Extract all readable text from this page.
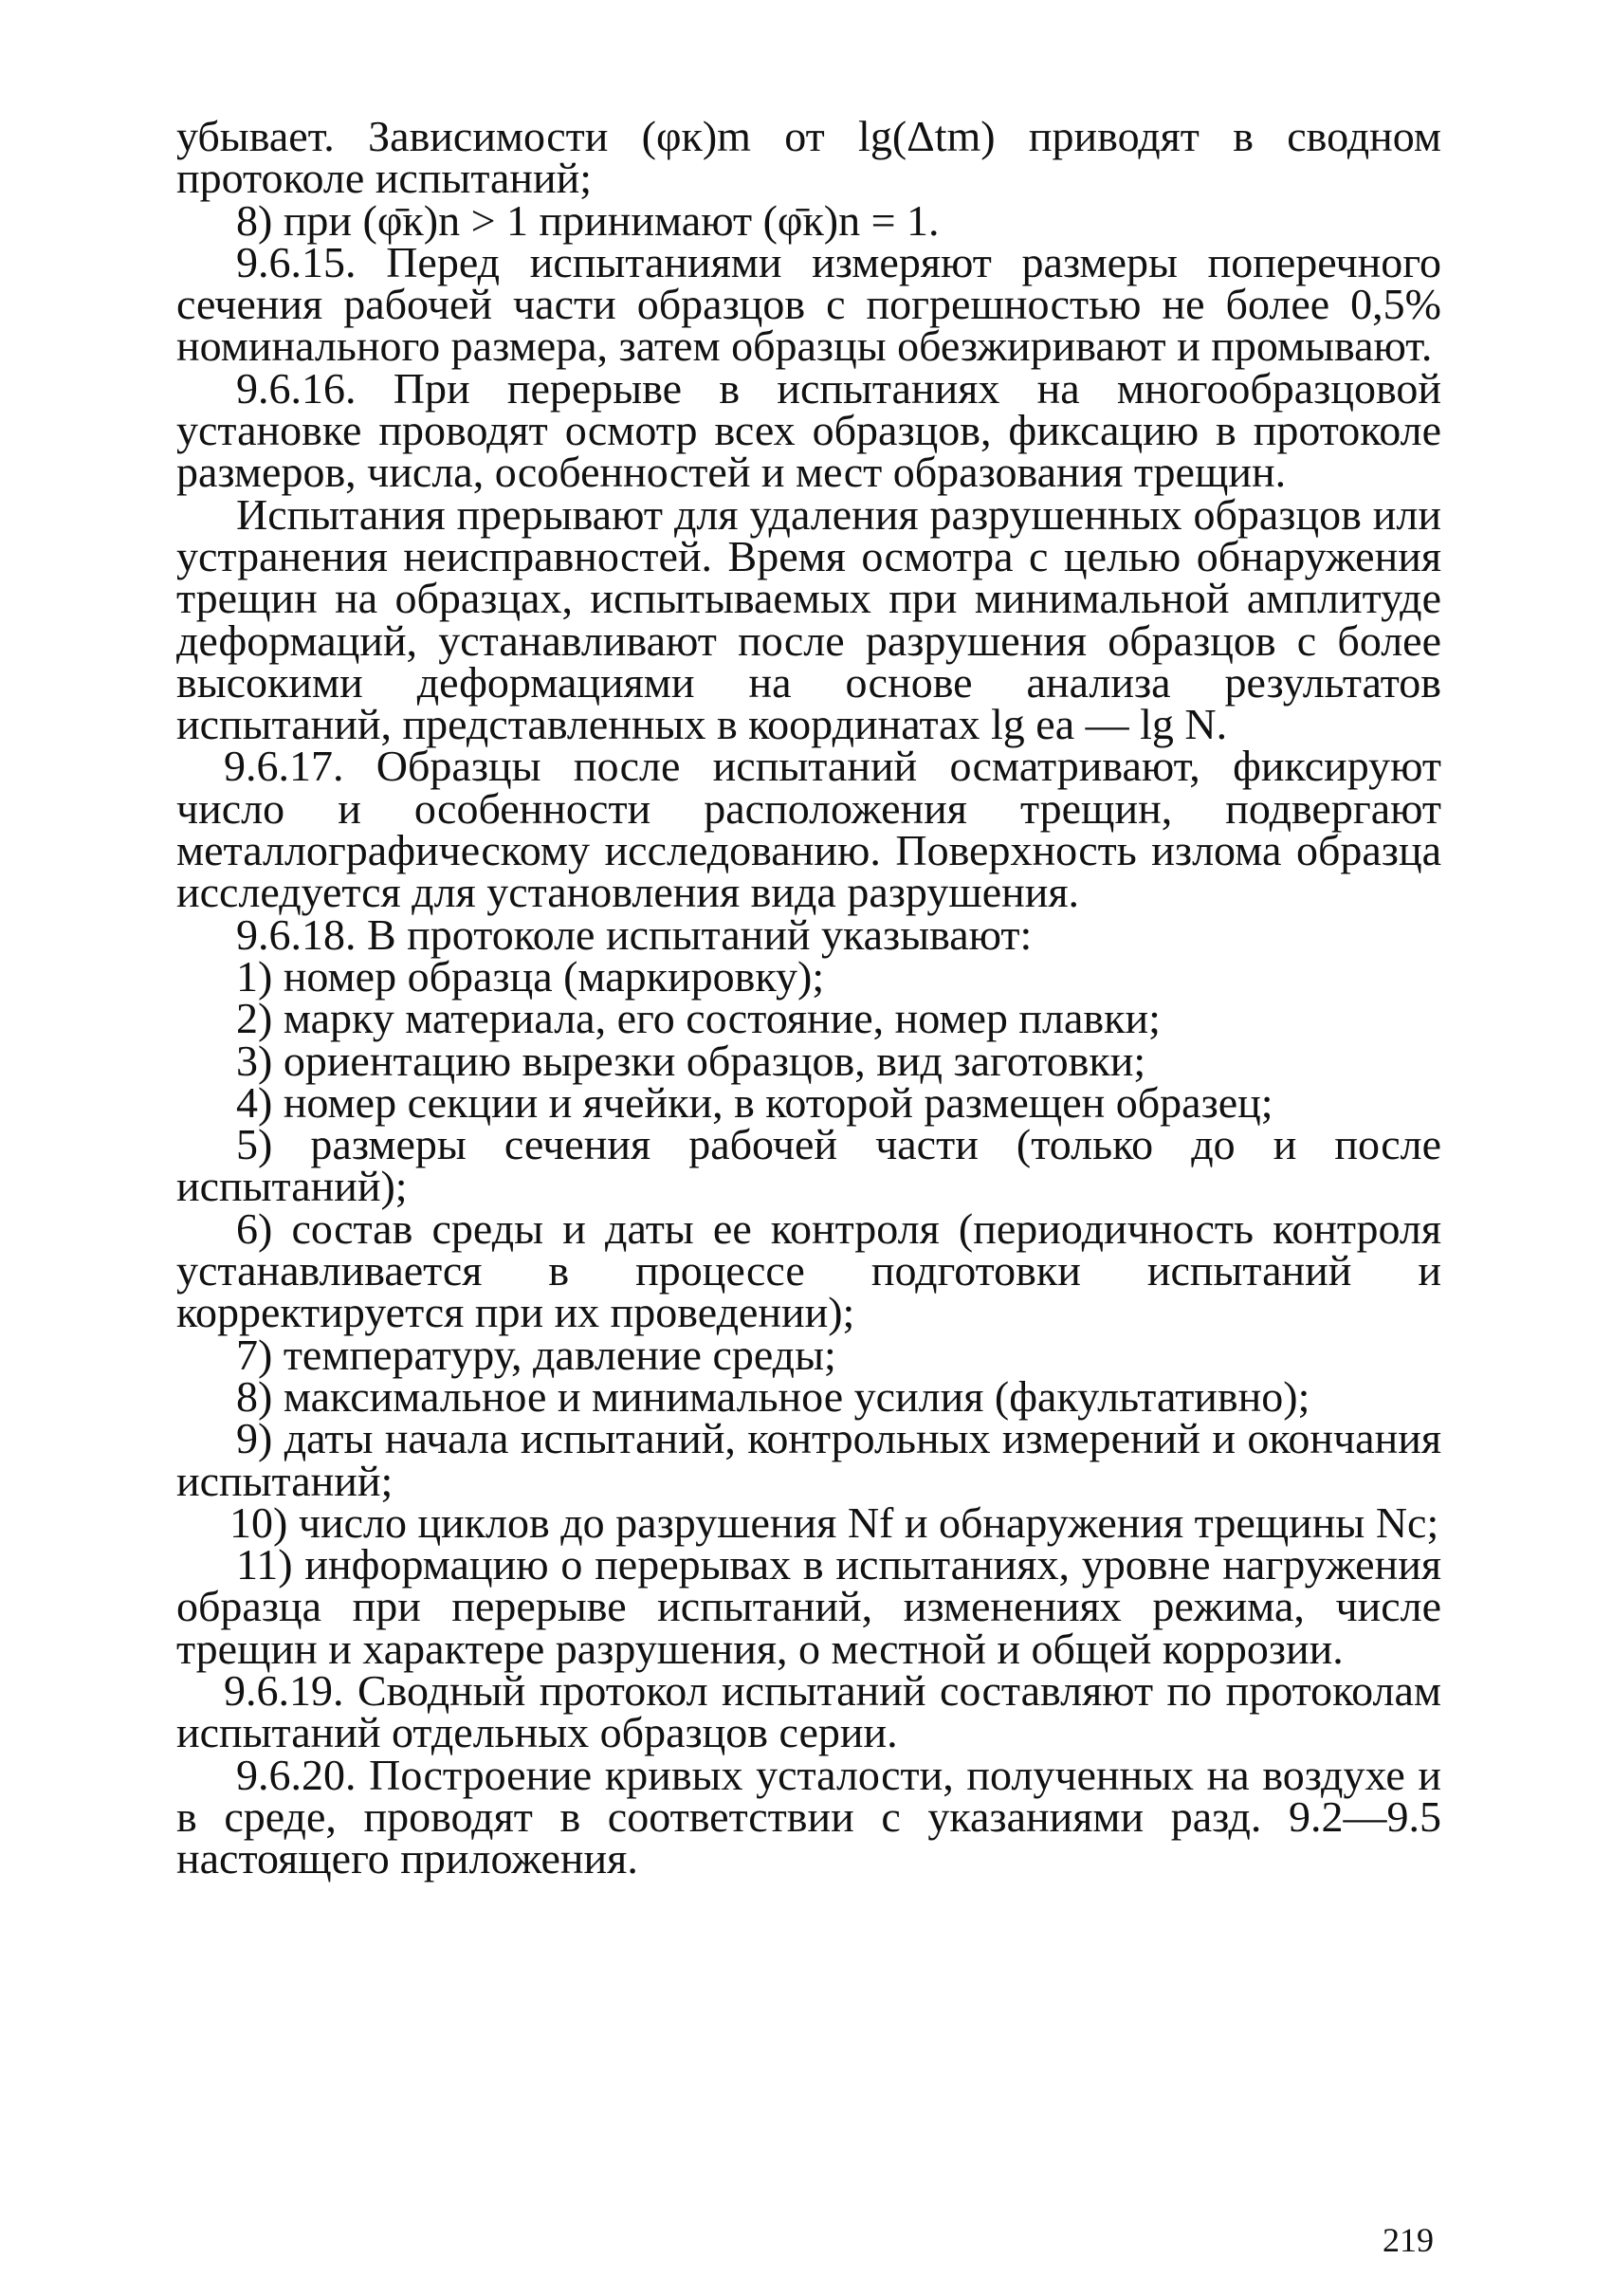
убывает. Зависимости (φк)m от lg(Δtm) приводят в сводном протоколе испытаний;

8) при (φ̄к)n > 1 принимают (φ̄к)n = 1.

9.6.15. Перед испытаниями измеряют размеры поперечного сечения рабочей части образцов с погрешностью не более 0,5% номинального размера, затем образцы обезжиривают и промывают.

9.6.16. При перерыве в испытаниях на многообразцовой установке проводят осмотр всех образцов, фиксацию в протоколе размеров, числа, особенностей и мест образования трещин.

Испытания прерывают для удаления разрушенных образцов или устранения неисправностей. Время осмотра с целью обнаружения трещин на образцах, испытываемых при минимальной амплитуде деформаций, устанавливают после разрушения образцов с более высокими деформациями на основе анализа результатов испытаний, представленных в координатах lg ea — lg N.

9.6.17. Образцы после испытаний осматривают, фиксируют число и особенности расположения трещин, подвергают металлографическому исследованию. Поверхность излома образца исследуется для установления вида разрушения.

9.6.18. В протоколе испытаний указывают:

1) номер образца (маркировку);

2) марку материала, его состояние, номер плавки;

3) ориентацию вырезки образцов, вид заготовки;

4) номер секции и ячейки, в которой размещен образец;

5) размеры сечения рабочей части (только до и после испытаний);

6) состав среды и даты ее контроля (периодичность контроля устанавливается в процессе подготовки испытаний и корректируется при их проведении);

7) температуру, давление среды;

8) максимальное и минимальное усилия (факультативно);

9) даты начала испытаний, контрольных измерений и окончания испытаний;

10) число циклов до разрушения Nf и обнаружения трещины Nc;

11) информацию о перерывах в испытаниях, уровне нагружения образца при перерыве испытаний, изменениях режима, числе трещин и характере разрушения, о местной и общей коррозии.

9.6.19. Сводный протокол испытаний составляют по протоколам испытаний отдельных образцов серии.

9.6.20. Построение кривых усталости, полученных на воздухе и в среде, проводят в соответствии с указаниями разд. 9.2—9.5 настоящего приложения.

219
